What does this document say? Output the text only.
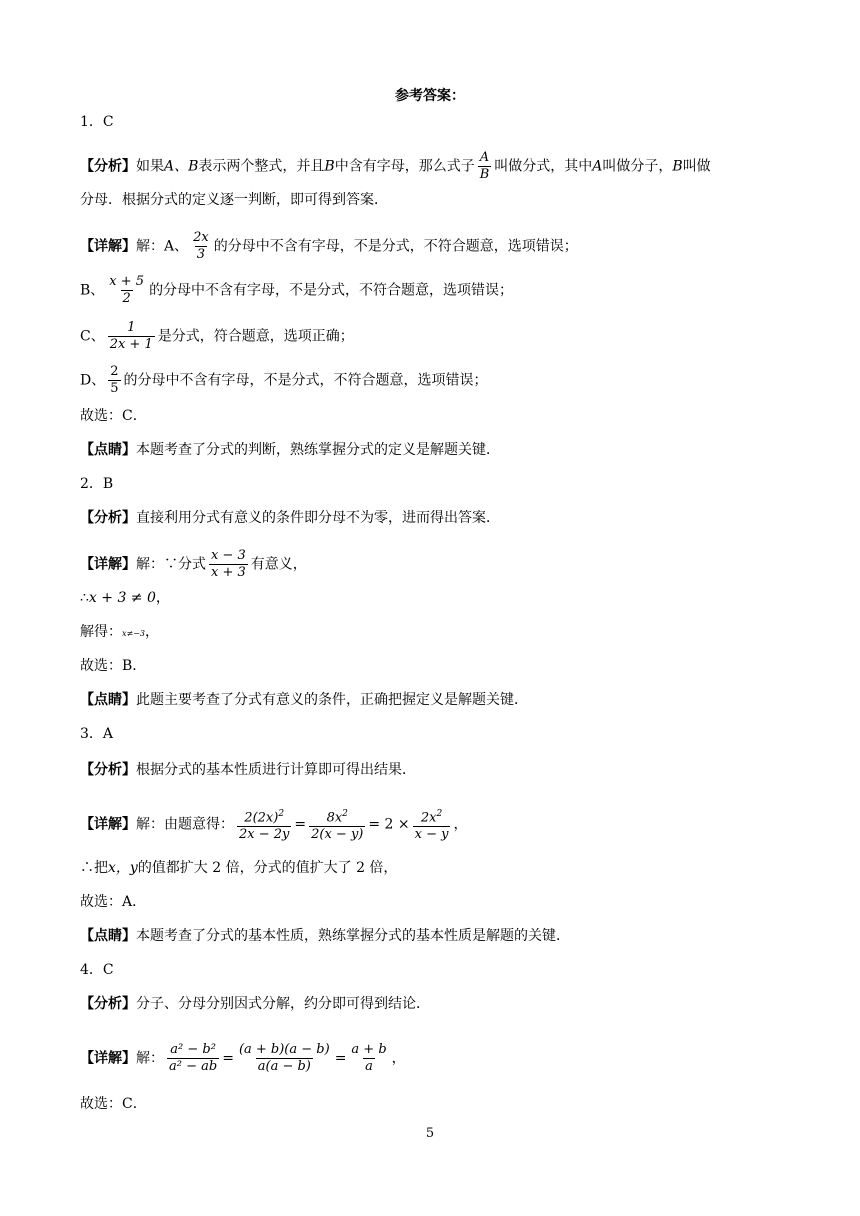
参考答案：
1．C
【分析】如果A、B表示两个整式，并且B中含有字母，那么式子 $\frac{A}{B}$ 叫做分式，其中A叫做分子，B叫做
分母．根据分式的定义逐一判断，即可得到答案．
【详解】解：A、 $\frac{2x}{3}$ 的分母中不含有字母，不是分式，不符合题意，选项错误；
B、 $\frac{x + 5}{2}$ 的分母中不含有字母，不是分式，不符合题意，选项错误；
C、 $\frac{1}{2x + 1}$ 是分式，符合题意，选项正确；
D、 $\frac{2}{5}$ 的分母中不含有字母，不是分式，不符合题意，选项错误；
故选：C．
【点睛】本题考查了分式的判断，熟练掌握分式的定义是解题关键．
2．B
【分析】直接利用分式有意义的条件即分母不为零，进而得出答案．
【详解】解：∵分式 $\frac{x - 3}{x + 3}$ 有意义，
∴x + 3 ≠ 0，
解得：x≠−3，
故选：B．
【点睛】此题主要考查了分式有意义的条件，正确把握定义是解题关键．
3．A
【分析】根据分式的基本性质进行计算即可得出结果．
【详解】解：由题意得： $\frac{2(2x)^2}{2x - 2y} = \frac{8x^2}{2(x - y)} = 2 \times \frac{2x^2}{x - y}$ ，
∴把x，y的值都扩大 2 倍，分式的值扩大了 2 倍，
故选：A．
【点睛】本题考查了分式的基本性质，熟练掌握分式的基本性质是解题的关键．
4．C
【分析】分子、分母分别因式分解，约分即可得到结论．
【详解】解： $\frac{\text{a² − b²}}{\text{a² − ab}} = \frac{(a + b)(a - b)}{a(a - b)} = \frac{a + b}{a}$ ，
故选：C．
5
